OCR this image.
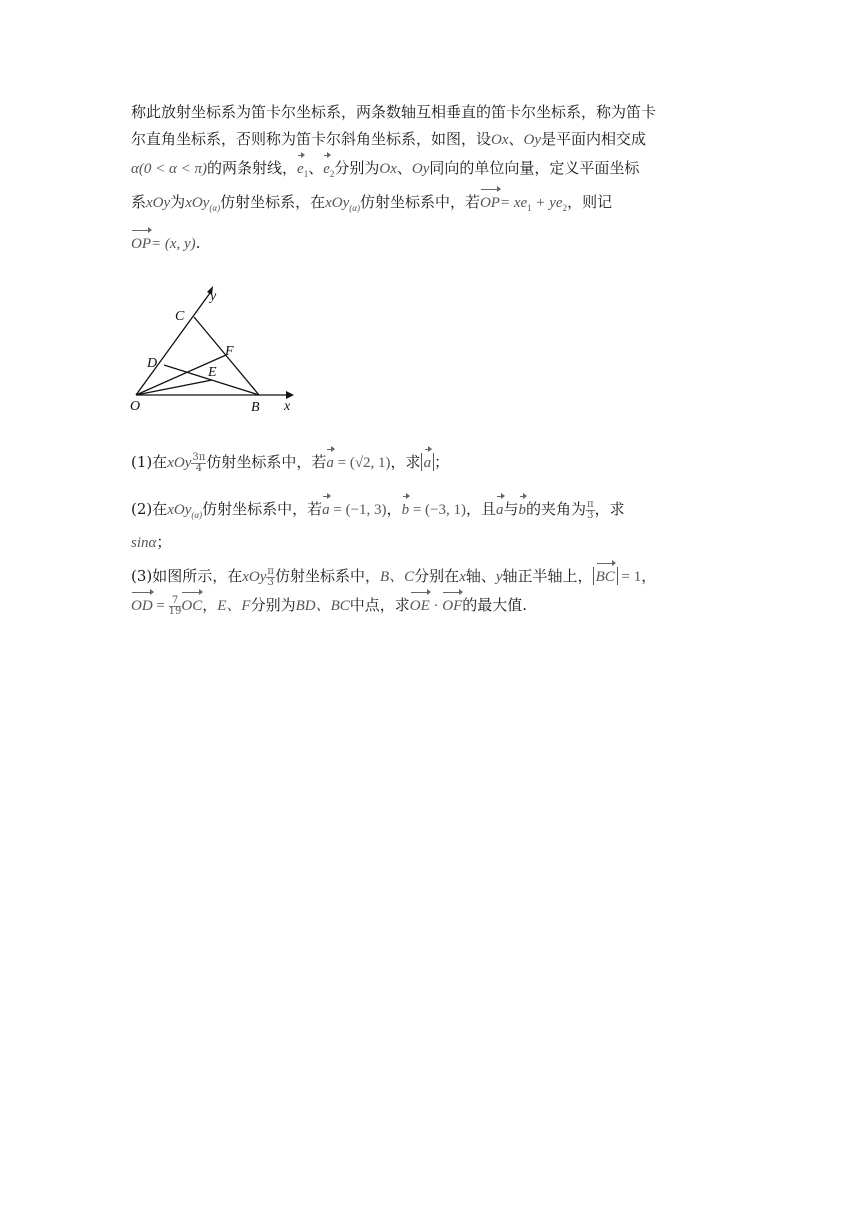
称此放射坐标系为笛卡尔坐标系，两条数轴互相垂直的笛卡尔坐标系，称为笛卡
尔直角坐标系，否则称为笛卡尔斜角坐标系，如图，设Ox、Oy是平面内相交成
α(0 < α < π)的两条射线，$e_1$、$e_2$分别为Ox、Oy同向的单位向量，定义平面坐标
系xOy为xOy$_{(\alpha)}$仿射坐标系，在xOy$_{(\alpha)}$仿射坐标系中，若$OP= xe_1 + ye_2$，则记

OP= (x, y).

y
x
C
F
D
E
O	B

(1)在xOy $\frac{3\pi}{4}$ 仿射坐标系中，若a = (√2, 1)，求 a ；

(2)在xOy$_{(\alpha)}$仿射坐标系中，若a = (−1, 3)，b = (−3, 1)，且a与b的夹角为 $\frac{\pi}{3}$ ，求
sinα；

(3)如图所示，在xOy $\frac{\pi}{3}$ 仿射坐标系中，B、C分别在x轴、y轴正半轴上， BC = 1，
OD = $\frac{7}{19}$ OC，E、F分别为BD、BC中点，求OE · OF的最大值.
